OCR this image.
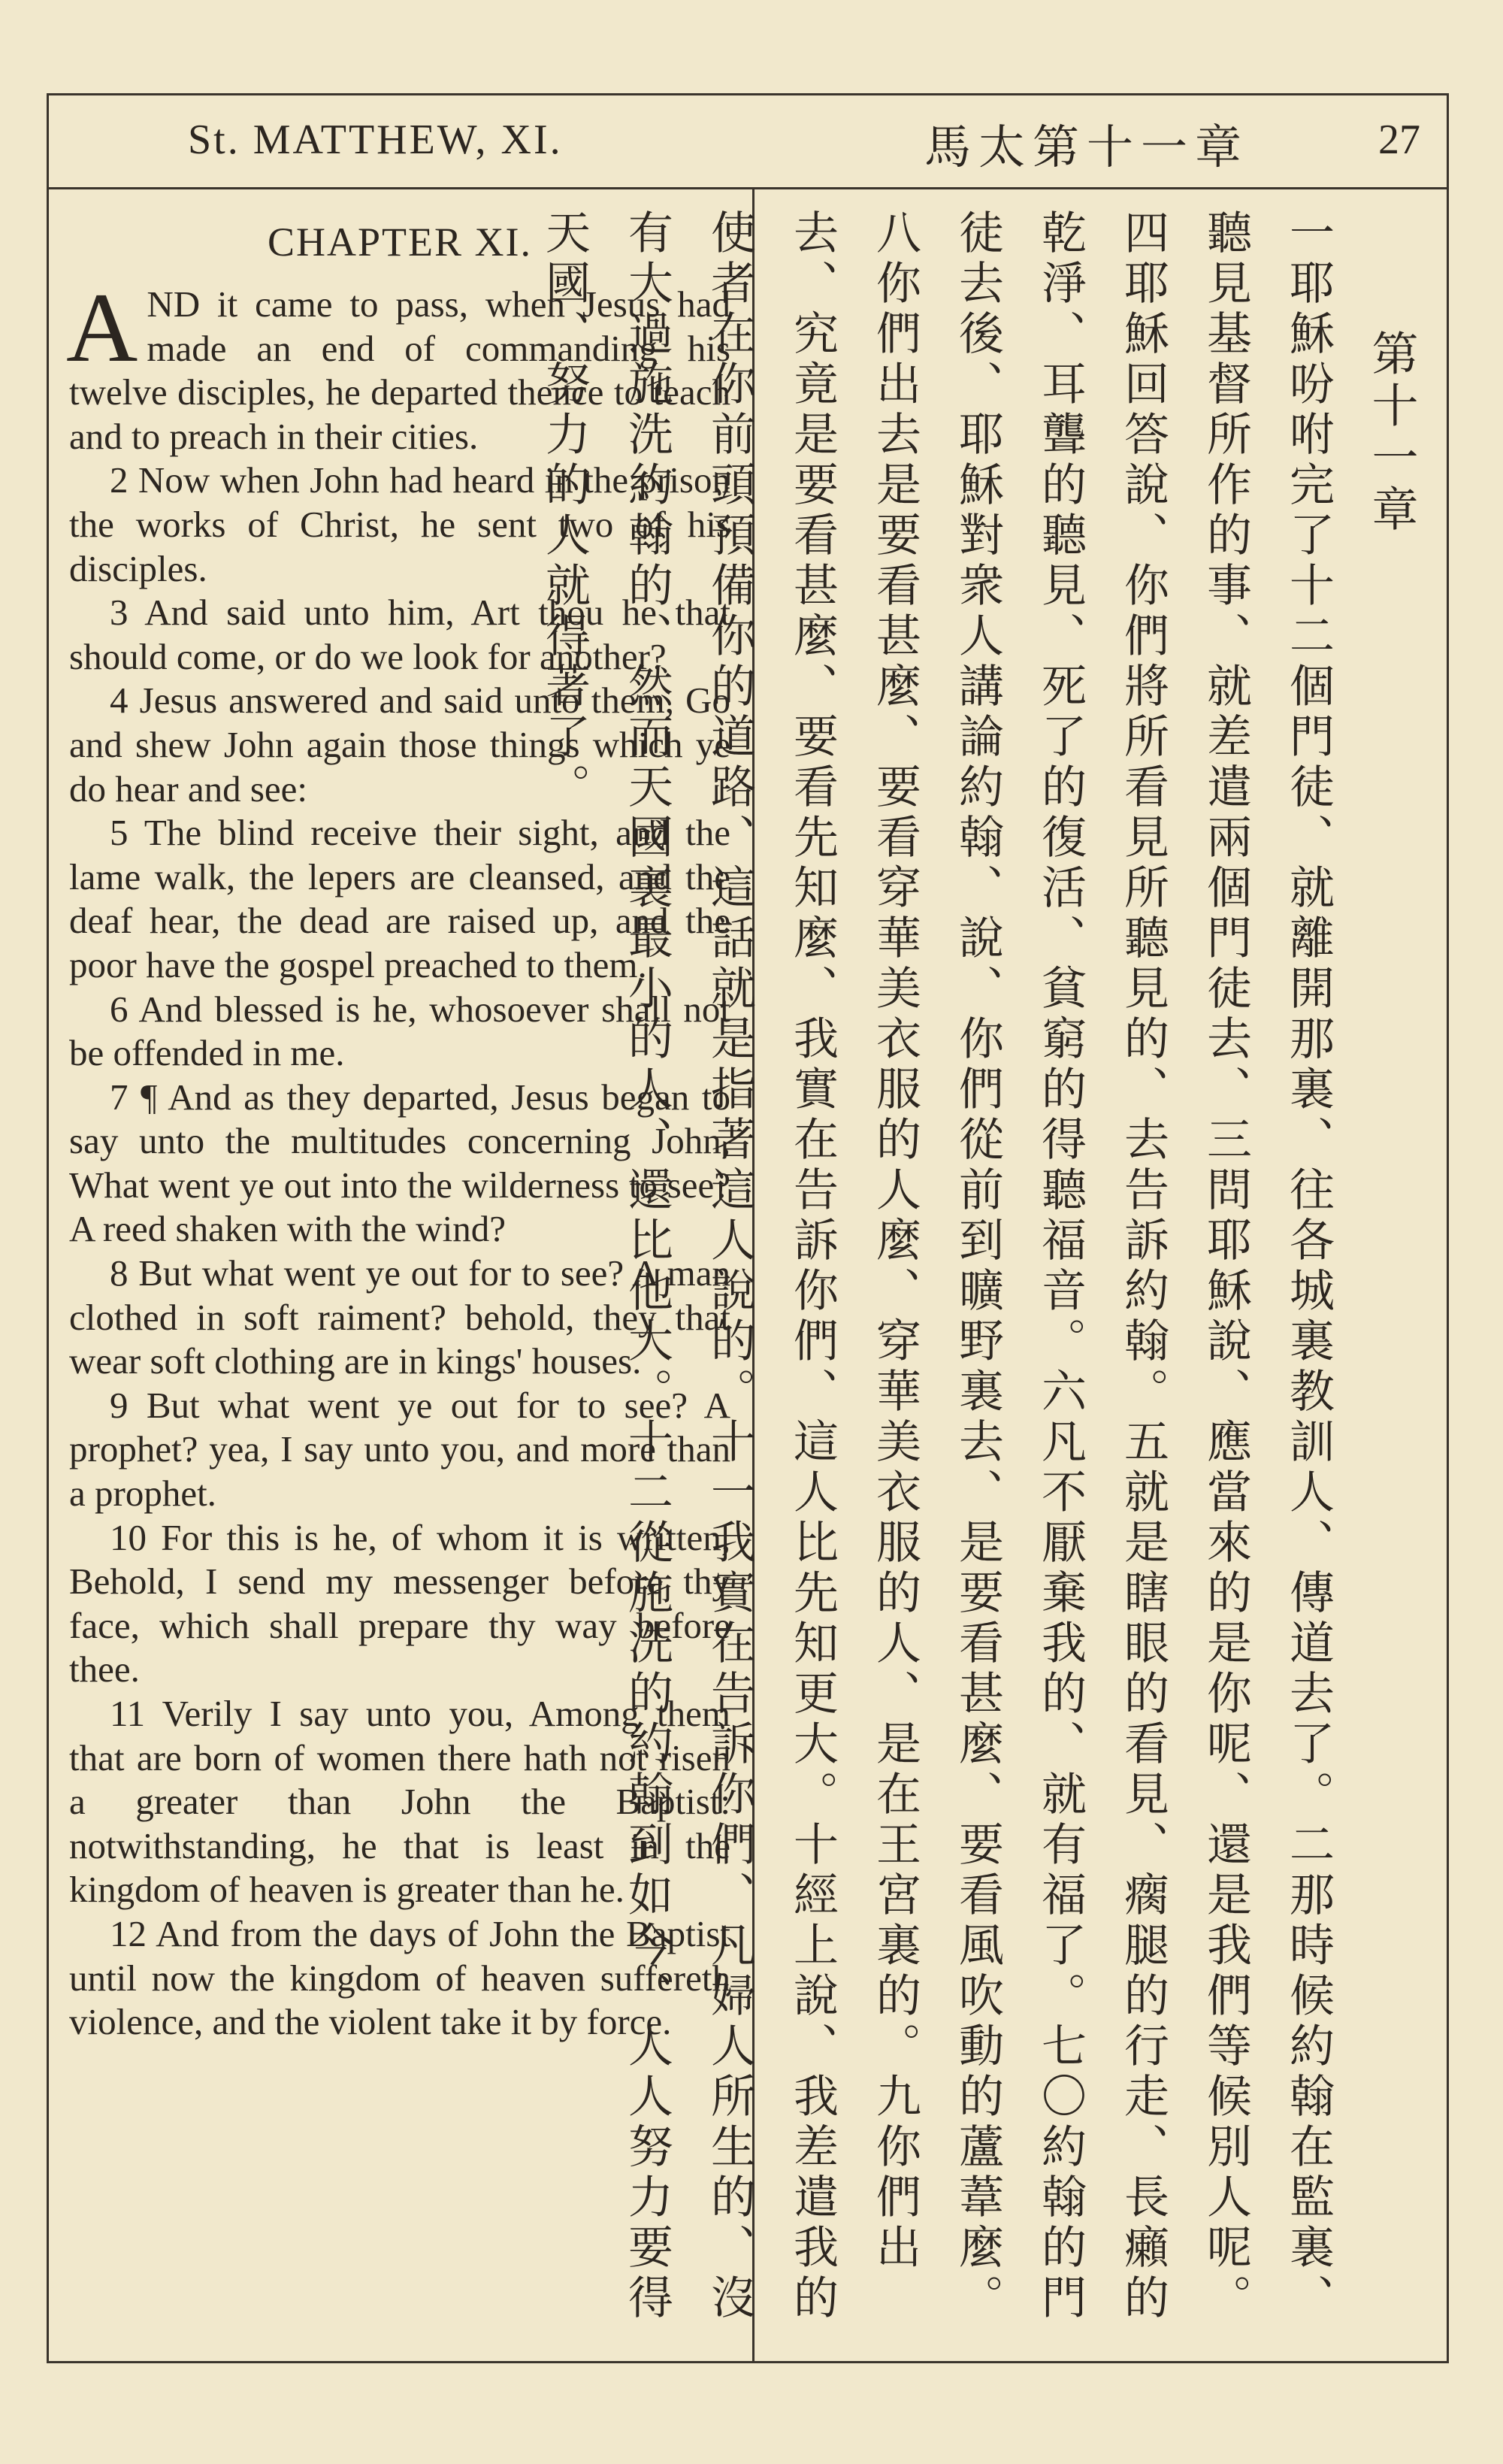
St. MATTHEW, XI.	馬太第十一章	27
CHAPTER XI.

AND it came to pass, when Jesus had made an end of commanding his twelve disciples, he departed thence to teach and to preach in their cities.

2 Now when John had heard in the prison the works of Christ, he sent two of his disciples.

3 And said unto him, Art thou he that should come, or do we look for another?

4 Jesus answered and said unto them, Go and shew John again those things which ye do hear and see:

5 The blind receive their sight, and the lame walk, the lepers are cleansed, and the deaf hear, the dead are raised up, and the poor have the gospel preached to them.

6 And blessed is he, whosoever shall not be offended in me.

7 ¶ And as they departed, Jesus began to say unto the multitudes concerning John, What went ye out into the wilderness to see? A reed shaken with the wind?

8 But what went ye out for to see? A man clothed in soft raiment? behold, they that wear soft clothing are in kings' houses.

9 But what went ye out for to see? A prophet? yea, I say unto you, and more than a prophet.

10 For this is he, of whom it is written, Behold, I send my messenger before thy face, which shall prepare thy way before thee.

11 Verily I say unto you, Among them that are born of women there hath not risen a greater than John the Baptist: notwithstanding, he that is least in the kingdom of heaven is greater than he.

12 And from the days of John the Baptist until now the kingdom of heaven suffereth violence, and the violent take it by force.

第十一章

一耶穌吩咐完了十二個門徒、就離開那裏、往各城裏教訓人、傳道去了。二那時候約翰在監裏、聽見基督所作的事、就差遣兩個門徒去、三問耶穌說、應當來的是你呢、還是我們等候別人呢。四耶穌回答說、你們將所看見所聽見的、去告訴約翰。五就是瞎眼的看見、瘸腿的行走、長癩的乾淨、耳聾的聽見、死了的復活、貧窮的得聽福音。六凡不厭棄我的、就有福了。七〇約翰的門徒去後、耶穌對衆人講論約翰、說、你們從前到曠野裏去、是要看甚麼、要看風吹動的蘆葦麼。八你們出去是要看甚麼、要看穿華美衣服的人麼、穿華美衣服的人、是在王宮裏的。九你們出去、究竟是要看甚麼、要看先知麼、我實在告訴你們、這人比先知更大。十經上說、我差遣我的使者在你前頭預備你的道路、這話就是指著這人說的。十一我實在告訴你們、凡婦人所生的、沒有大過施洗約翰的、然而天國裏最小的人、還比他大。十二從施洗的約翰到如今、人人努力要得天國、努力的人就得著了。
